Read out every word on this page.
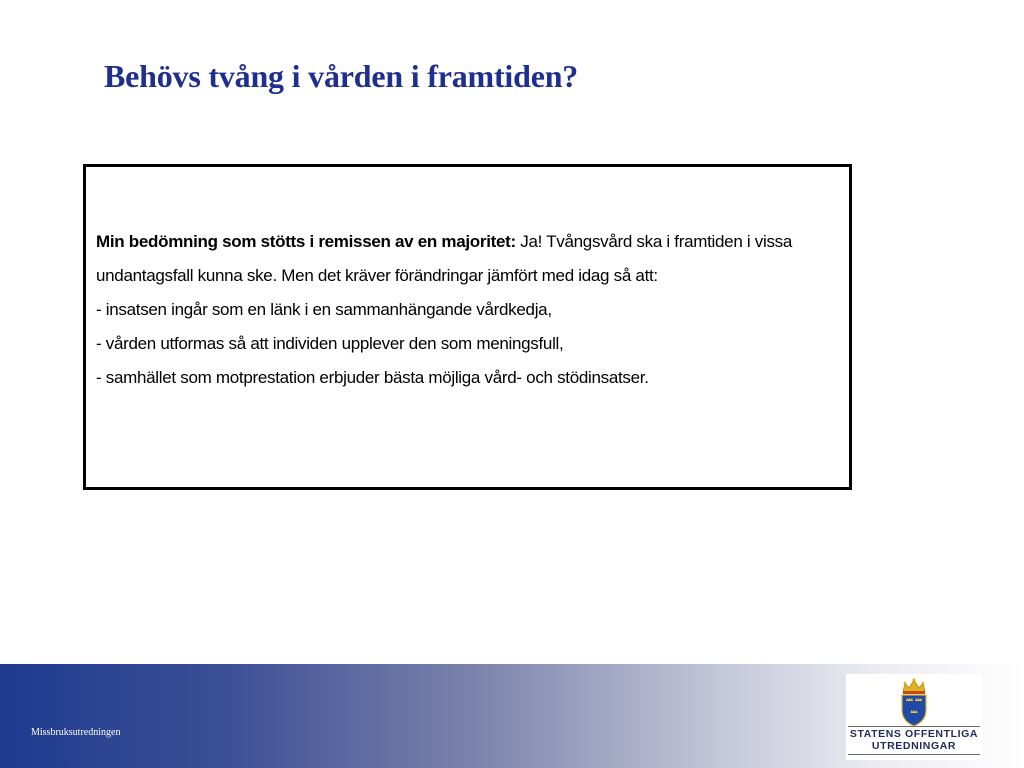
Behövs tvång i vården i framtiden?

Min bedömning som stötts i remissen av en majoritet: Ja! Tvångsvård ska i framtiden i vissa undantagsfall kunna ske. Men det kräver förändringar jämfört med idag så att:

- insatsen ingår som en länk i en sammanhängande vårdkedja,

- vården utformas så att individen upplever den som meningsfull,

- samhället som motprestation erbjuder bästa möjliga vård- och stödinsatser.

Missbruksutredningen	STATENS OFFENTLIGA
UTREDNINGAR
